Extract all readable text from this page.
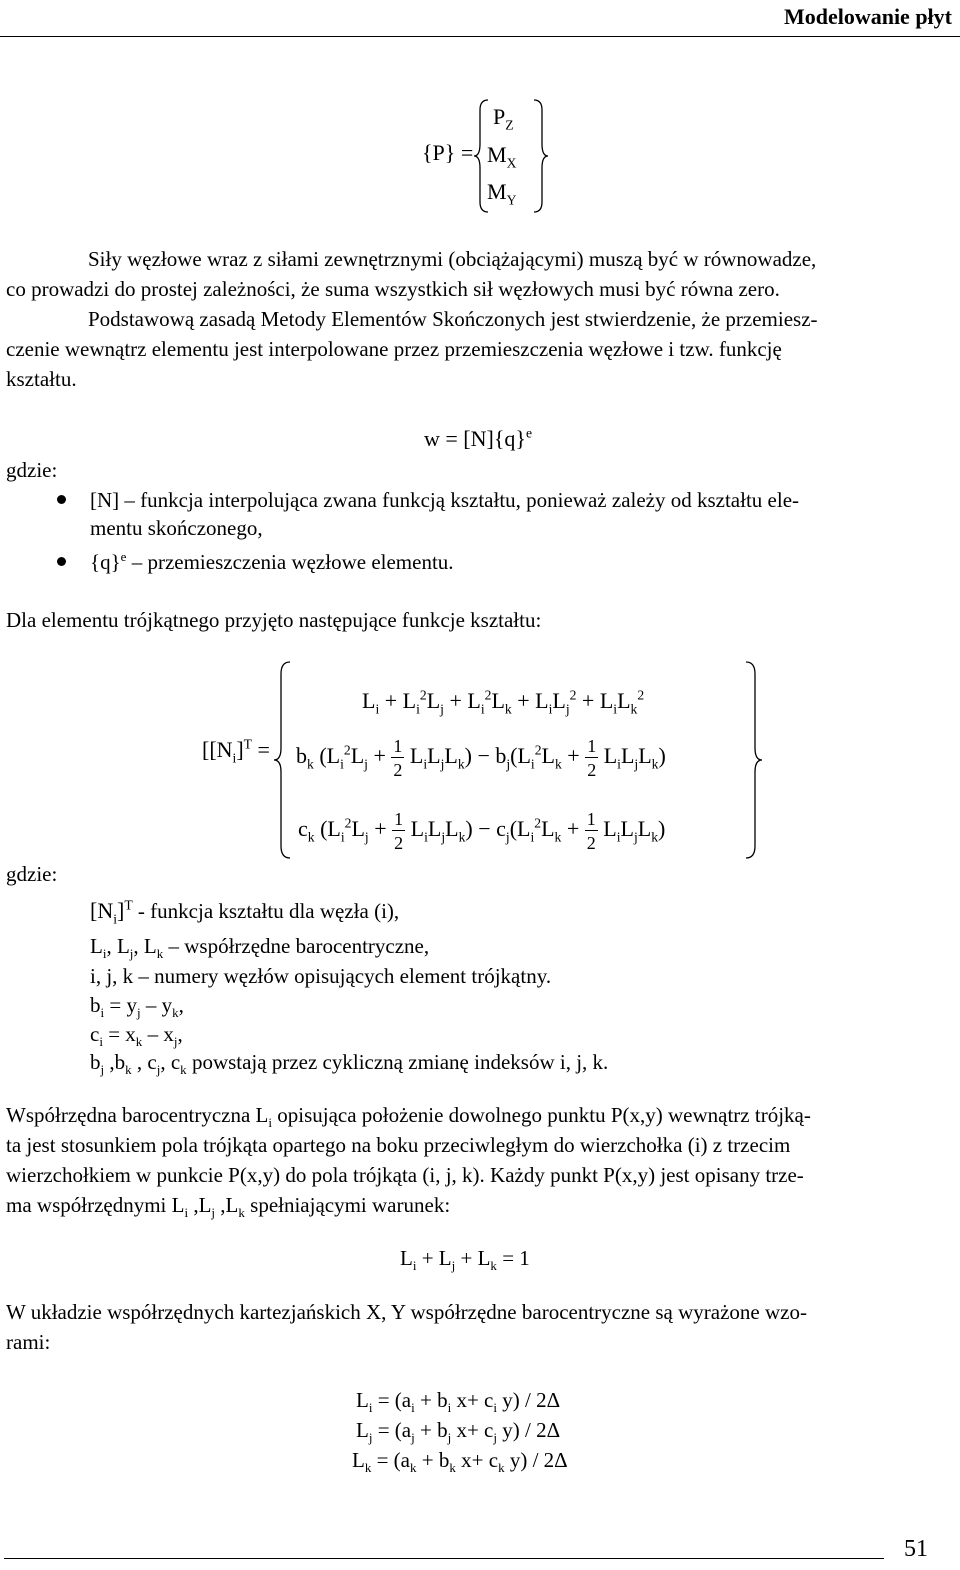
Modelowanie płyt
{P} =
$P_Z$
$M_X$
$M_Y$
Siły węzłowe wraz z siłami zewnętrznymi (obciążającymi) muszą być w równowadze,
co prowadzi do prostej zależności, że suma wszystkich sił węzłowych musi być równa zero.
Podstawową zasadą Metody Elementów Skończonych jest stwierdzenie, że przemiesz-
czenie wewnątrz elementu jest interpolowane przez przemieszczenia węzłowe i tzw. funkcję
kształtu.
$w = [N]\{q\}^e$
gdzie:
[N] – funkcja interpolująca zwana funkcją kształtu, ponieważ zależy od kształtu ele-
mentu skończonego,
$\{q\}^e$ – przemieszczenia węzłowe elementu.
Dla elementu trójkątnego przyjęto następujące funkcje kształtu:
[$[N_i]^T$ =
$L_i + L_i^2L_j + L_i^2L_k + L_iL_j^2 + L_iL_k^2$
$b_k$ $(L_i^2L_j + \frac{1}{2} L_iL_jL_k) - b_j(L_i^2L_k + \frac{1}{2} L_iL_jL_k)$
$c_k$ $(L_i^2L_j + \frac{1}{2} L_iL_jL_k) - c_j(L_i^2L_k + \frac{1}{2} L_iL_jL_k)$
gdzie:
$[N_i]^T$ - funkcja kształtu dla węzła (i),
$L_i$, $L_j$, $L_k$ – współrzędne barocentryczne,
i, j, k – numery węzłów opisujących element trójkątny.
$b_i = y_j - y_k$,
$c_i = x_k - x_j$,
$b_j$ $,b_k$ , $c_j$, $c_k$ powstają przez cykliczną zmianę indeksów i, j, k.
Współrzędna barocentryczna $L_i$ opisująca położenie dowolnego punktu P(x,y) wewnątrz trójką-
ta jest stosunkiem pola trójkąta opartego na boku przeciwległym do wierzchołka (i) z trzecim
wierzchołkiem w punkcie P(x,y) do pola trójkąta (i, j, k). Każdy punkt P(x,y) jest opisany trze-
ma współrzędnymi $L_i$ $,L_j$ $,L_k$ spełniającymi warunek:
$L_i + L_j + L_k = 1$
W układzie współrzędnych kartezjańskich X, Y współrzędne barocentryczne są wyrażone wzo-
rami:
$L_i = (a_i + b_i$ $x+ c_i$ y) / 2Δ
$L_j = (a_j + b_j$ $x+ c_j$ y) / 2Δ
$L_k = (a_k + b_k$ $x+ c_k$ y) / 2Δ
51
